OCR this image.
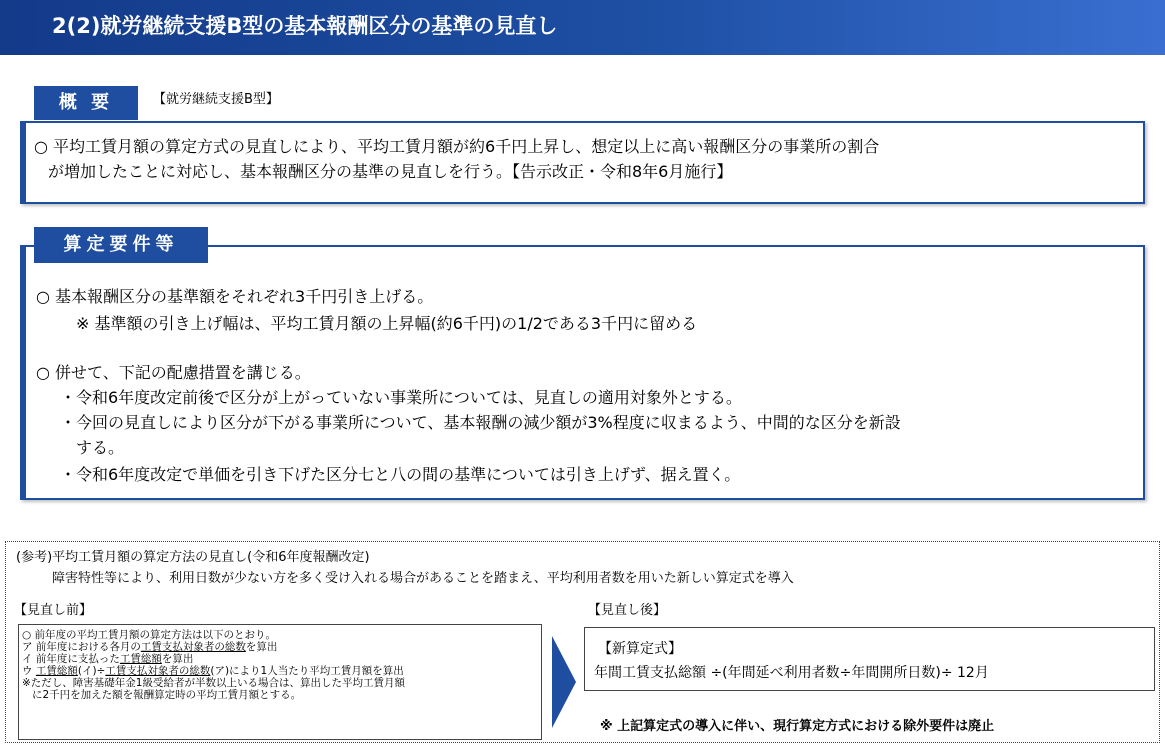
2(2)就労継続支援B型の基本報酬区分の基準の見直し
概 要	【就労継続支援B型】
○ 平均工賃月額の算定方式の見直しにより、平均工賃月額が約6千円上昇し、想定以上に高い報酬区分の事業所の割合
が増加したことに対応し、基本報酬区分の基準の見直しを行う。【告示改正・令和8年6月施行】
算定要件等
○ 基本報酬区分の基準額をそれぞれ3千円引き上げる。
※ 基準額の引き上げ幅は、平均工賃月額の上昇幅(約6千円)の1/2である3千円に留める
○ 併せて、下記の配慮措置を講じる。
・令和6年度改定前後で区分が上がっていない事業所については、見直しの適用対象外とする。
・今回の見直しにより区分が下がる事業所について、基本報酬の減少額が3%程度に収まるよう、中間的な区分を新設
する。
・令和6年度改定で単価を引き下げた区分七と八の間の基準については引き上げず、据え置く。
(参考)平均工賃月額の算定方法の見直し(令和6年度報酬改定)
障害特性等により、利用日数が少ない方を多く受け入れる場合があることを踏まえ、平均利用者数を用いた新しい算定式を導入
【見直し前】	【見直し後】
○ 前年度の平均工賃月額の算定方法は以下のとおり。
ア 前年度における各月の工賃支払対象者の総数を算出
イ 前年度に支払った工賃総額を算出
ウ 工賃総額(イ)÷工賃支払対象者の総数(ア)により1人当たり平均工賃月額を算出
※ただし、障害基礎年金1級受給者が半数以上いる場合は、算出した平均工賃月額
に2千円を加えた額を報酬算定時の平均工賃月額とする。
【新算定式】
年間工賃支払総額 ÷(年間延べ利用者数÷年間開所日数)÷ 12月
※ 上記算定式の導入に伴い、現行算定方式における除外要件は廃止
